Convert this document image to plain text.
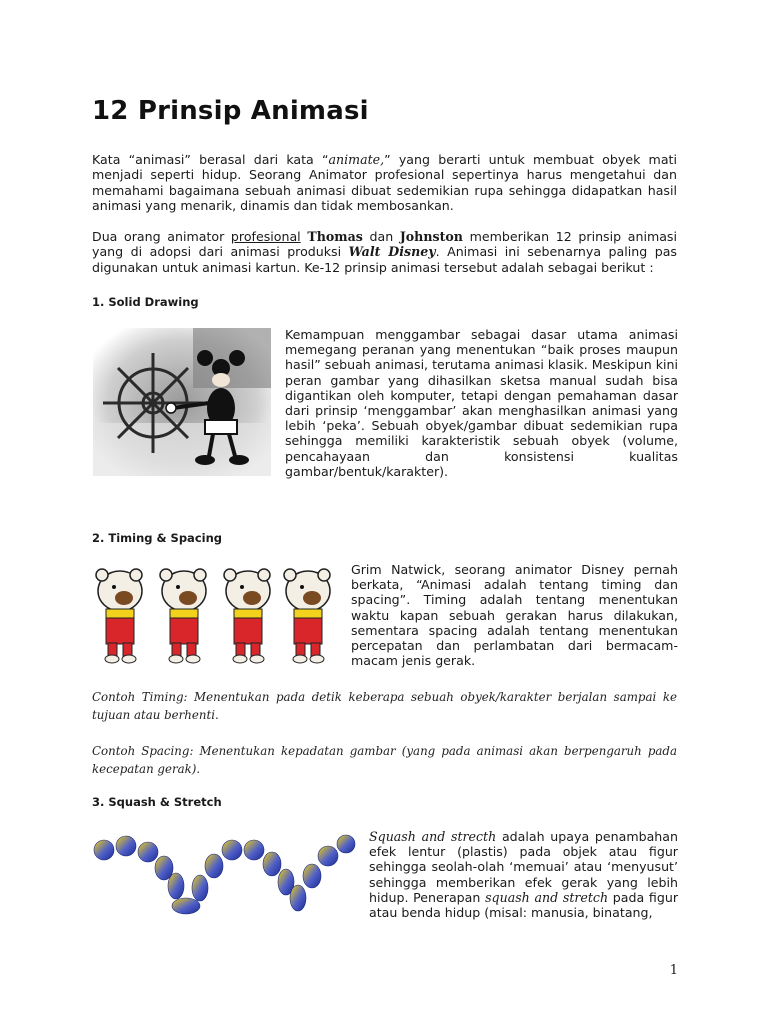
12 Prinsip Animasi

Kata “animasi” berasal dari kata “animate,” yang berarti untuk membuat obyek mati menjadi seperti hidup. Seorang Animator profesional sepertinya harus mengetahui dan memahami bagaimana sebuah animasi dibuat sedemikian rupa sehingga didapatkan hasil animasi yang menarik, dinamis dan tidak membosankan.

Dua orang animator profesional Thomas dan Johnston memberikan 12 prinsip animasi yang di adopsi dari animasi produksi Walt Disney. Animasi ini sebenarnya paling pas digunakan untuk animasi kartun. Ke-12 prinsip animasi tersebut adalah sebagai berikut :

1. Solid Drawing

Kemampuan menggambar sebagai dasar utama animasi memegang peranan yang menentukan “baik proses maupun hasil” sebuah animasi, terutama animasi klasik. Meskipun kini peran gambar yang dihasilkan sketsa manual sudah bisa digantikan oleh komputer, tetapi dengan pemahaman dasar dari prinsip ‘menggambar’ akan menghasilkan animasi yang lebih ‘peka’. Sebuah obyek/gambar dibuat sedemikian rupa sehingga memiliki karakteristik sebuah obyek (volume, pencahayaan dan konsistensi kualitas gambar/bentuk/karakter).

2. Timing & Spacing

Grim Natwick, seorang animator Disney pernah berkata, “Animasi adalah tentang timing dan spacing”. Timing adalah tentang menentukan waktu kapan sebuah gerakan harus dilakukan, sementara spacing adalah tentang menentukan percepatan dan perlambatan dari bermacam-macam jenis gerak.

Contoh Timing: Menentukan pada detik keberapa sebuah obyek/karakter berjalan sampai ke tujuan atau berhenti.

Contoh Spacing: Menentukan kepadatan gambar (yang pada animasi akan berpengaruh pada kecepatan gerak).

3. Squash & Stretch

Squash and strecth adalah upaya penambahan efek lentur (plastis) pada objek atau figur sehingga seolah-olah ‘memuai’ atau ‘menyusut’ sehingga memberikan efek gerak yang lebih hidup. Penerapan squash and stretch pada figur atau benda hidup (misal: manusia, binatang,

1
